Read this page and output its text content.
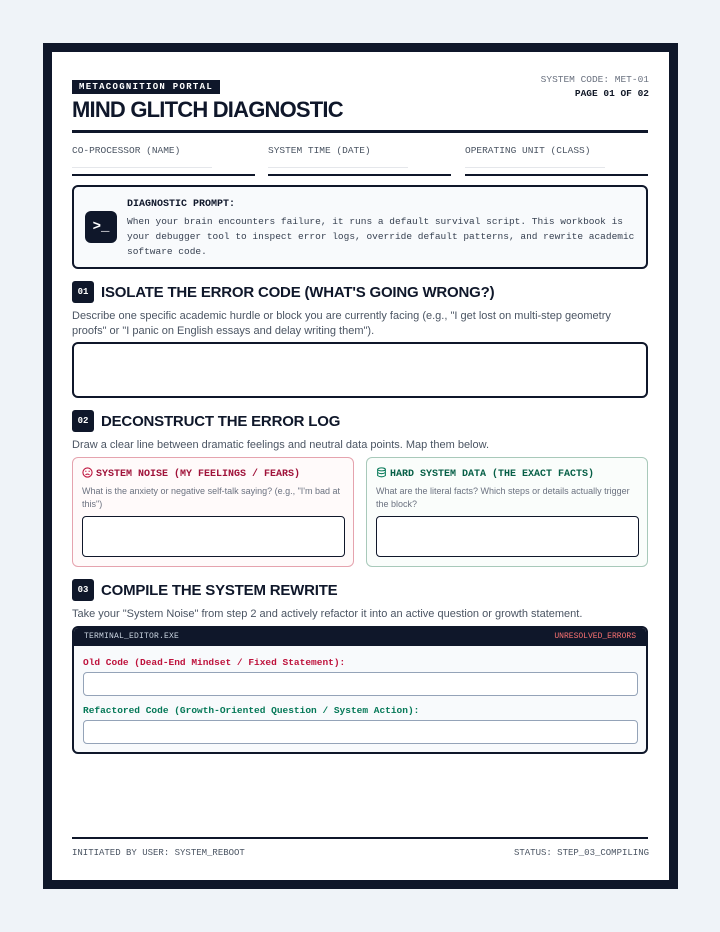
METACOGNITION PORTAL
SYSTEM CODE: MET-01
PAGE 01 OF 02
MIND GLITCH DIAGNOSTIC
CO-PROCESSOR (NAME)	SYSTEM TIME (DATE)	OPERATING UNIT (CLASS)
>_
DIAGNOSTIC PROMPT:
When your brain encounters failure, it runs a default survival script. This workbook is your debugger tool to inspect error logs, override default patterns, and rewrite academic software code.
01 ISOLATE THE ERROR CODE (WHAT'S GOING WRONG?)
Describe one specific academic hurdle or block you are currently facing (e.g., "I get lost on multi-step geometry proofs" or "I panic on English essays and delay writing them").
02 DECONSTRUCT THE ERROR LOG
Draw a clear line between dramatic feelings and neutral data points. Map them below.
SYSTEM NOISE (MY FEELINGS / FEARS)
What is the anxiety or negative self-talk saying? (e.g., "I'm bad at this")
HARD SYSTEM DATA (THE EXACT FACTS)
What are the literal facts? Which steps or details actually trigger the block?
03 COMPILE THE SYSTEM REWRITE
Take your "System Noise" from step 2 and actively refactor it into an active question or growth statement.
TERMINAL_EDITOR.EXE	UNRESOLVED_ERRORS
Old Code (Dead-End Mindset / Fixed Statement):
Refactored Code (Growth-Oriented Question / System Action):
INITIATED BY USER: SYSTEM_REBOOT	STATUS: STEP_03_COMPILING
